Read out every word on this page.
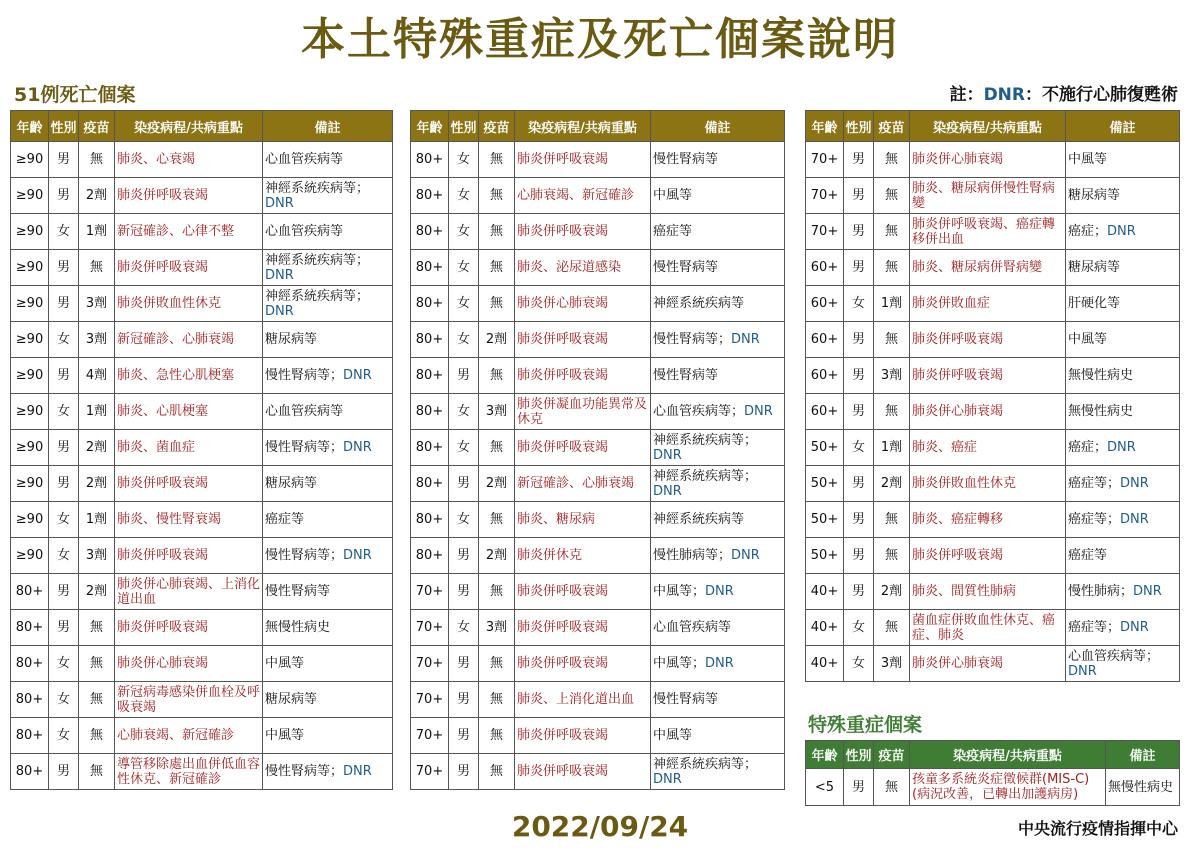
本土特殊重症及死亡個案說明
51例死亡個案	註：DNR：不施行心肺復甦術
年齡	性別	疫苗	染疫病程/共病重點	備註
≥90	男	無	肺炎、心衰竭	心血管疾病等
≥90	男	2劑	肺炎併呼吸衰竭	神經系統疾病等；DNR
≥90	女	1劑	新冠確診、心律不整	心血管疾病等
≥90	男	無	肺炎併呼吸衰竭	神經系統疾病等；DNR
≥90	男	3劑	肺炎併敗血性休克	神經系統疾病等；DNR
≥90	女	3劑	新冠確診、心肺衰竭	糖尿病等
≥90	男	4劑	肺炎、急性心肌梗塞	慢性腎病等；DNR
≥90	女	1劑	肺炎、心肌梗塞	心血管疾病等
≥90	男	2劑	肺炎、菌血症	慢性腎病等；DNR
≥90	男	2劑	肺炎併呼吸衰竭	糖尿病等
≥90	女	1劑	肺炎、慢性腎衰竭	癌症等
≥90	女	3劑	肺炎併呼吸衰竭	慢性腎病等；DNR
80+	男	2劑	肺炎併心肺衰竭、上消化道出血	慢性腎病等
80+	男	無	肺炎併呼吸衰竭	無慢性病史
80+	女	無	肺炎併心肺衰竭	中風等
80+	女	無	新冠病毒感染併血栓及呼吸衰竭	糖尿病等
80+	女	無	心肺衰竭、新冠確診	中風等
80+	男	無	導管移除處出血併低血容性休克、新冠確診	慢性腎病等；DNR
年齡	性別	疫苗	染疫病程/共病重點	備註
80+	女	無	肺炎併呼吸衰竭	慢性腎病等
80+	女	無	心肺衰竭、新冠確診	中風等
80+	女	無	肺炎併呼吸衰竭	癌症等
80+	女	無	肺炎、泌尿道感染	慢性腎病等
80+	女	無	肺炎併心肺衰竭	神經系統疾病等
80+	女	2劑	肺炎併呼吸衰竭	慢性腎病等；DNR
80+	男	無	肺炎併呼吸衰竭	慢性腎病等
80+	女	3劑	肺炎併凝血功能異常及休克	心血管疾病等；DNR
80+	女	無	肺炎併呼吸衰竭	神經系統疾病等；DNR
80+	男	2劑	新冠確診、心肺衰竭	神經系統疾病等；DNR
80+	女	無	肺炎、糖尿病	神經系統疾病等
80+	男	2劑	肺炎併休克	慢性肺病等；DNR
70+	男	無	肺炎併呼吸衰竭	中風等；DNR
70+	女	3劑	肺炎併呼吸衰竭	心血管疾病等
70+	男	無	肺炎併呼吸衰竭	中風等；DNR
70+	男	無	肺炎、上消化道出血	慢性腎病等
70+	男	無	肺炎併呼吸衰竭	中風等
70+	男	無	肺炎併呼吸衰竭	神經系統疾病等；DNR
年齡	性別	疫苗	染疫病程/共病重點	備註
70+	男	無	肺炎併心肺衰竭	中風等
70+	男	無	肺炎、糖尿病併慢性腎病變	糖尿病等
70+	男	無	肺炎併呼吸衰竭、癌症轉移併出血	癌症；DNR
60+	男	無	肺炎、糖尿病併腎病變	糖尿病等
60+	女	1劑	肺炎併敗血症	肝硬化等
60+	男	無	肺炎併呼吸衰竭	中風等
60+	男	3劑	肺炎併呼吸衰竭	無慢性病史
60+	男	無	肺炎併心肺衰竭	無慢性病史
50+	女	1劑	肺炎、癌症	癌症；DNR
50+	男	2劑	肺炎併敗血性休克	癌症等；DNR
50+	男	無	肺炎、癌症轉移	癌症等；DNR
50+	男	無	肺炎併呼吸衰竭	癌症等
40+	男	2劑	肺炎、間質性肺病	慢性肺病；DNR
40+	女	無	菌血症併敗血性休克、癌症、肺炎	癌症等；DNR
40+	女	3劑	肺炎併心肺衰竭	心血管疾病等；DNR
特殊重症個案
年齡	性別	疫苗	染疫病程/共病重點	備註
<5	男	無	孩童多系統炎症徵候群(MIS-C)(病況改善，已轉出加護病房)	無慢性病史
2022/09/24	中央流行疫情指揮中心
